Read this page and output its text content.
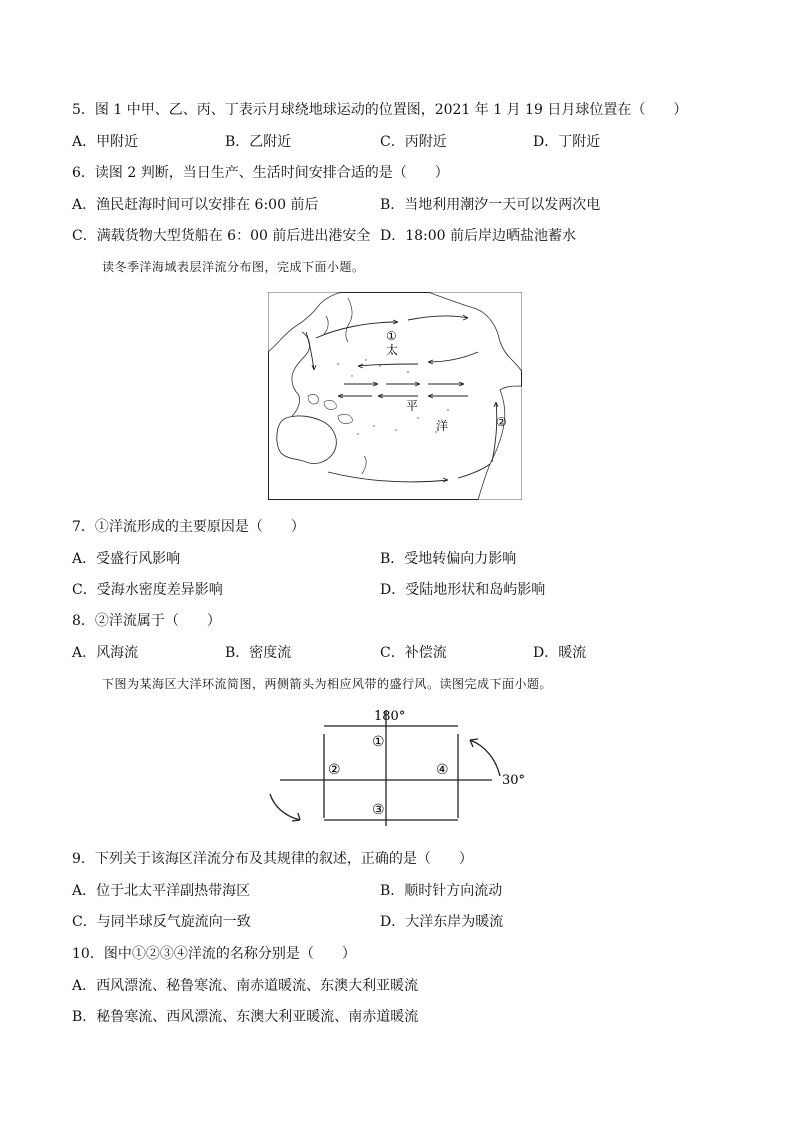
5．图 1 中甲、乙、丙、丁表示月球绕地球运动的位置图，2021 年 1 月 19 日月球位置在（　　）
A．甲附近	B．乙附近	C．丙附近	D．丁附近
6．读图 2 判断，当日生产、生活时间安排合适的是（　　）
A．渔民赶海时间可以安排在 6:00 前后	B．当地利用潮汐一天可以发两次电
C．满载货物大型货船在 6：00 前后进出港安全 D．18:00 前后岸边晒盐池蓄水
读冬季洋海域表层洋流分布图，完成下面小题。
①
太
平
②
洋
7．①洋流形成的主要原因是（　　）
A．受盛行风影响	B．受地转偏向力影响
C．受海水密度差异影响	D．受陆地形状和岛屿影响
8．②洋流属于（　　）
A．风海流	B．密度流	C．补偿流	D．暖流
下图为某海区大洋环流简图，两侧箭头为相应风带的盛行风。读图完成下面小题。
180°
30°
①
②
③
④
9．下列关于该海区洋流分布及其规律的叙述，正确的是（　　）
A．位于北太平洋副热带海区	B．顺时针方向流动
C．与同半球反气旋流向一致	D．大洋东岸为暖流
10．图中①②③④洋流的名称分别是（　　）
A．西风漂流、秘鲁寒流、南赤道暖流、东澳大利亚暖流
B．秘鲁寒流、西风漂流、东澳大利亚暖流、南赤道暖流
